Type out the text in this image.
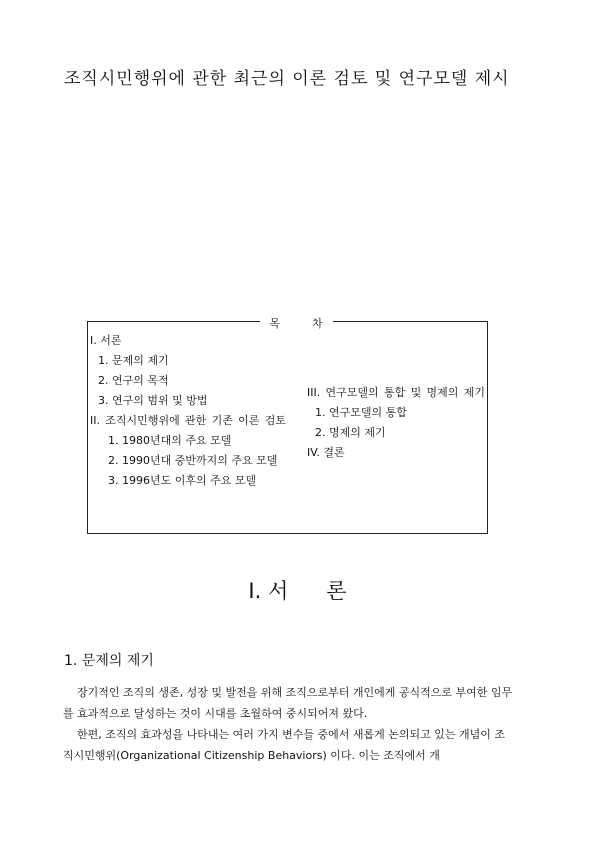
조직시민행위에 관한 최근의 이론 검토 및 연구모델 제시
목	차
I. 서론
1. 문제의 제기
2. 연구의 목적
3. 연구의 범위 및 방법
II. 조직시민행위에 관한 기존 이론 검토
1. 1980년대의 주요 모델
2. 1990년대 중반까지의 주요 모델
3. 1996년도 이후의 주요 모델
III. 연구모델의 통합 및 명제의 제기
1. 연구모델의 통합
2. 명제의 제기
IV. 결론
Ⅰ. 서 론
1. 문제의 제기
장기적인 조직의 생존, 성장 및 발전을 위해 조직으로부터 개인에게 공식적으로 부여한 임무를 효과적으로 달성하는 것이 시대를 초월하여 중시되어져 왔다.
한편, 조직의 효과성을 나타내는 여러 가지 변수들 중에서 새롭게 논의되고 있는 개념이 조직시민행위(Organizational Citizenship Behaviors) 이다. 이는 조직에서 개
